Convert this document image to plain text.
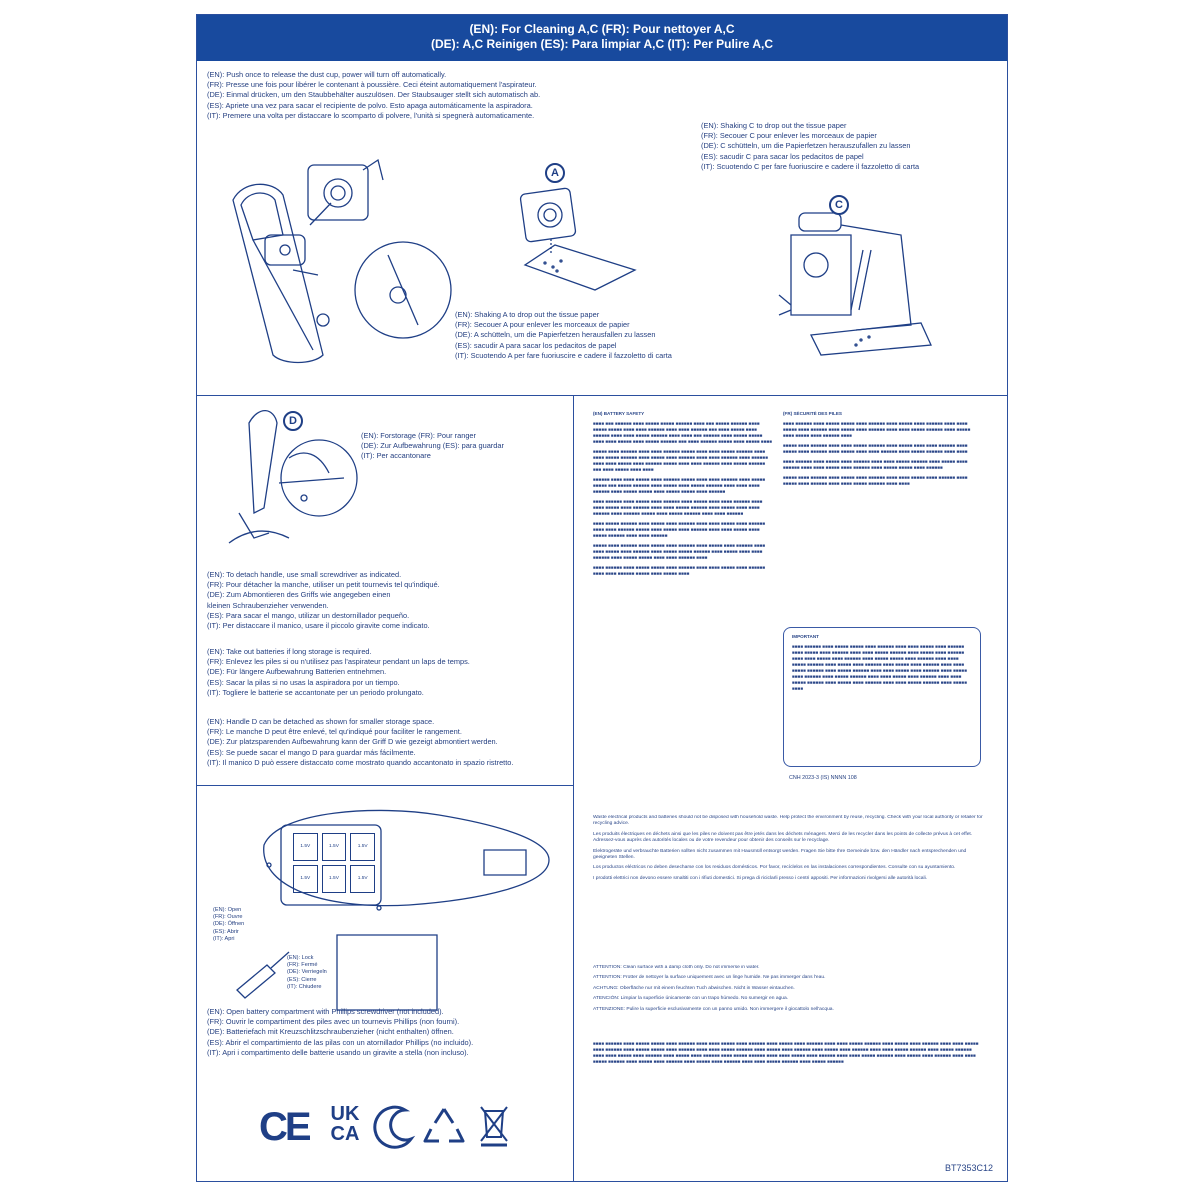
(EN): For Cleaning A,C (FR): Pour nettoyer A,C
(DE): A,C Reinigen (ES): Para limpiar A,C (IT): Per Pulire A,C
(EN): Push once to release the dust cup, power will turn off automatically.
(FR): Presse une fois pour libérer le contenant à poussière. Ceci éteint automatiquement l'aspirateur.
(DE): Einmal drücken, um den Staubbehälter auszulösen. Der Staubsauger stellt sich automatisch ab.
(ES): Apriete una vez para sacar el recipiente de polvo. Esto apaga automáticamente la aspiradora.
(IT): Premere una volta per distaccare lo scomparto di polvere, l'unità si spegnerà automaticamente.
(EN): Shaking C to drop out the tissue paper
(FR): Secouer C pour enlever les morceaux de papier
(DE): C schütteln, um die Papierfetzen herauszufallen zu lassen
(ES): sacudir C para sacar los pedacitos de papel
(IT): Scuotendo C per fare fuoriuscire e cadere il fazzoletto di carta
(EN): Shaking A to drop out the tissue paper
(FR): Secouer A pour enlever les morceaux de papier
(DE): A schütteln, um die Papierfetzen herausfallen zu lassen
(ES): sacudir A para sacar los pedacitos de papel
(IT): Scuotendo A per fare fuoriuscire e cadere il fazzoletto di carta
A
C
D
(EN): Forstorage (FR): Pour ranger
(DE): Zur Aufbewahrung (ES): para guardar
(IT): Per accantonare
(EN): To detach handle, use small screwdriver as indicated.
(FR): Pour détacher la manche, utiliser un petit tournevis tel qu'indiqué.
(DE): Zum Abmontieren des Griffs wie angegeben einen
kleinen Schraubenzieher verwenden.
(ES): Para sacar el mango, utilizar un destornillador pequeño.
(IT): Per distaccare il manico, usare il piccolo giravite come indicato.
(EN): Take out batteries if long storage is required.
(FR): Enlevez les piles si ou n'utilisez pas l'aspirateur pendant un laps de temps.
(DE): Für längere Aufbewahrung Batterien entnehmen.
(ES): Sacar la pilas si no usas la aspiradora por un tiempo.
(IT): Togliere le batterie se accantonate per un periodo prolungato.
(EN): Handle D can be detached as shown for smaller storage space.
(FR): Le manche D peut être enlevé, tel qu'indiqué pour faciliter le rangement.
(DE): Zur platzsparenden Aufbewahrung kann der Griff D wie gezeigt abmontiert werden.
(ES): Se puede sacar el mango D para guardar más fácilmente.
(IT): Il manico D può essere distaccato come mostrato quando accantonato in spazio ristretto.
1.5V	1.5V	1.5V
1.5V	1.5V	1.5V
(EN): Open
(FR): Ouvre
(DE): Öffnen
(ES): Abrir
(IT): Apri
(EN): Lock
(FR): Fermé
(DE): Verriegeln
(ES): Cierre
(IT): Chiudere
(EN): Open battery compartment with Phillips screwdriver (not included).
(FR): Ouvrir le compartiment des piles avec un tournevis Phillips (non fourni).
(DE): Batteriefach mit Kreuzschlitzschraubenzieher (nicht enthalten) öffnen.
(ES): Abrir el compartimiento de las pilas con un atornillador Phillips (no incluido).
(IT): Apri i compartimento delle batterie usando un giravite a stella (non incluso).
CE	UK CA

(EN) BATTERY SAFETY

■■■■ ■■■ ■■■■■■ ■■■■ ■■■■■ ■■■■■ ■■■■■■ ■■■■ ■■■ ■■■■■ ■■■■■■ ■■■■ ■■■■■ ■■■■■ ■■■■ ■■■■ ■■■■■■ ■■■■ ■■■■ ■■■■■■ ■■■ ■■■■ ■■■■■ ■■■■ ■■■■■■ ■■■■ ■■■■ ■■■■■ ■■■■■■ ■■■■ ■■■■ ■■■ ■■■■■■ ■■■■ ■■■■■ ■■■■■ ■■■■ ■■■■ ■■■■■ ■■■■ ■■■■■ ■■■■■■ ■■■ ■■■■ ■■■■■■ ■■■■■ ■■■■ ■■■■■ ■■■■

■■■■■ ■■■■ ■■■■■■ ■■■■ ■■■■ ■■■■■■ ■■■■■ ■■■■ ■■■■ ■■■■■ ■■■■■■ ■■■■ ■■■■ ■■■■■ ■■■■■■ ■■■■ ■■■■■ ■■■■ ■■■■■■ ■■■■ ■■■■ ■■■■■■ ■■■■ ■■■■■■ ■■■■ ■■■■ ■■■■■ ■■■■ ■■■■■■ ■■■■■ ■■■■ ■■■■ ■■■■■■ ■■■■ ■■■■■ ■■■■■■ ■■■ ■■■■ ■■■■■ ■■■■ ■■■■

■■■■■■ ■■■■ ■■■■ ■■■■■ ■■■■ ■■■■■■ ■■■■■ ■■■■ ■■■■ ■■■■■■ ■■■■ ■■■■■ ■■■■■ ■■■ ■■■■■ ■■■■■■ ■■■■ ■■■■■ ■■■■ ■■■■■ ■■■■■■ ■■■■ ■■■■ ■■■■ ■■■■■■ ■■■■ ■■■■■ ■■■■■ ■■■■ ■■■■■ ■■■■■ ■■■■ ■■■■■■

■■■■ ■■■■■■ ■■■■ ■■■■■ ■■■■ ■■■■■■ ■■■■ ■■■■■ ■■■■ ■■■■ ■■■■■■ ■■■■ ■■■■ ■■■■■ ■■■■ ■■■■■■ ■■■■ ■■■■ ■■■■■ ■■■■■■ ■■■■ ■■■■■ ■■■■ ■■■■ ■■■■■■ ■■■■ ■■■■■■ ■■■■■ ■■■■ ■■■■■ ■■■■■■ ■■■■ ■■■■ ■■■■■■

■■■■ ■■■■■ ■■■■■■ ■■■■ ■■■■■ ■■■■ ■■■■■■ ■■■■ ■■■■ ■■■■■ ■■■■ ■■■■■■ ■■■■ ■■■■ ■■■■■■ ■■■■■ ■■■■ ■■■■■ ■■■■ ■■■■■■ ■■■■ ■■■■ ■■■■■ ■■■■ ■■■■■ ■■■■■■ ■■■■ ■■■■ ■■■■■■

■■■■■ ■■■■ ■■■■■■ ■■■■ ■■■■■ ■■■■ ■■■■■■ ■■■■ ■■■■■ ■■■■ ■■■■■■ ■■■■ ■■■■ ■■■■■ ■■■■ ■■■■■■ ■■■■ ■■■■■ ■■■■■ ■■■■■■ ■■■■ ■■■■■ ■■■■ ■■■■ ■■■■■■ ■■■■ ■■■■■ ■■■■■ ■■■■ ■■■■ ■■■■■■ ■■■■

■■■■ ■■■■■■ ■■■■ ■■■■■ ■■■■■ ■■■■ ■■■■■■ ■■■■ ■■■■ ■■■■■ ■■■■ ■■■■■■ ■■■■ ■■■■ ■■■■■■ ■■■■■ ■■■■ ■■■■■ ■■■■

(FR) SÉCURITÉ DES PILES

■■■■ ■■■■■■ ■■■■ ■■■■■ ■■■■■ ■■■■ ■■■■■■ ■■■■ ■■■■■ ■■■■ ■■■■■■ ■■■■ ■■■■ ■■■■■ ■■■■ ■■■■■■ ■■■■ ■■■■■ ■■■■ ■■■■■■ ■■■■ ■■■■ ■■■■■ ■■■■■■ ■■■■ ■■■■■ ■■■■ ■■■■■ ■■■■ ■■■■■■ ■■■■

■■■■■ ■■■■ ■■■■■■ ■■■■ ■■■■ ■■■■■ ■■■■■■ ■■■■ ■■■■■ ■■■■ ■■■■ ■■■■■■ ■■■■ ■■■■■ ■■■■ ■■■■■■ ■■■■ ■■■■■ ■■■■ ■■■■ ■■■■■■ ■■■■ ■■■■■ ■■■■■■ ■■■■ ■■■■

■■■■ ■■■■■■ ■■■■ ■■■■■ ■■■■ ■■■■■■ ■■■■ ■■■■ ■■■■■ ■■■■■■ ■■■■ ■■■■■ ■■■■ ■■■■■■ ■■■■ ■■■■ ■■■■■ ■■■■ ■■■■■■ ■■■■ ■■■■■ ■■■■■ ■■■■ ■■■■■■

■■■■■ ■■■■ ■■■■■■ ■■■■ ■■■■■ ■■■■ ■■■■■■ ■■■■ ■■■■ ■■■■■ ■■■■ ■■■■■■ ■■■■ ■■■■■ ■■■■ ■■■■■■ ■■■■ ■■■■ ■■■■■ ■■■■■■ ■■■■ ■■■■

IMPORTANT

■■■■ ■■■■■■ ■■■■ ■■■■■ ■■■■■ ■■■■ ■■■■■■ ■■■■ ■■■■ ■■■■■ ■■■■ ■■■■■■ ■■■■ ■■■■■ ■■■■ ■■■■■■ ■■■■ ■■■■ ■■■■■ ■■■■■■ ■■■■ ■■■■■ ■■■■ ■■■■■■ ■■■■ ■■■■ ■■■■■ ■■■■ ■■■■■■ ■■■■ ■■■■■ ■■■■■ ■■■■ ■■■■■■ ■■■■ ■■■■ ■■■■■ ■■■■■■ ■■■■ ■■■■■ ■■■■ ■■■■■■ ■■■■ ■■■■■ ■■■■ ■■■■■■ ■■■■ ■■■■ ■■■■■ ■■■■■■ ■■■■ ■■■■■ ■■■■■■ ■■■■ ■■■■ ■■■■■ ■■■■ ■■■■■■ ■■■■ ■■■■■ ■■■■ ■■■■■■ ■■■■ ■■■■■ ■■■■■■ ■■■■ ■■■■ ■■■■■ ■■■■ ■■■■■■ ■■■■ ■■■■ ■■■■■ ■■■■■■ ■■■■ ■■■■■ ■■■■ ■■■■■■ ■■■■ ■■■■ ■■■■■ ■■■■■■ ■■■■ ■■■■■ ■■■■

CNH 2023-3 (IS) NNNN 108

Waste electrical products and batteries should not be disposed with household waste. Help protect the environment by reuse, recycling. Check with your local authority or retailer for recycling advice.

Les produits électriques en déchets ainsi que les piles ne doivent pas être jetés dans les déchets ménagers. Merci de les recycler dans les points de collecte prévus à cet effet. Adressez-vous auprès des autorités locales ou de votre revendeur pour obtenir des conseils sur le recyclage.

Elektrogeräte und verbrauchte Batterien sollten nicht zusammen mit Hausmüll entsorgt werden. Fragen Sie bitte Ihre Gemeinde bzw. den Händler nach entsprechenden und geeigneten Stellen.

Los productos eléctricos no deben desecharse con los residuos domésticos. Por favor, recíclelos en las instalaciones correspondientes. Consulte con su ayuntamiento.

I prodotti elettrici non devono essere smaltiti con i rifiuti domestici. Si prega di riciclarli presso i centri appositi. Per informazioni rivolgersi alle autorità locali.

ATTENTION: Clean surface with a damp cloth only. Do not immerse in water.

ATTENTION: Frotter de nettoyer la surface uniquement avec un linge humide. Ne pas immerger dans l'eau.

ACHTUNG: Oberfläche nur mit einem feuchten Tuch abwischen. Nicht in Wasser eintauchen.

ATENCIÓN: Limpiar la superficie únicamente con un trapo húmedo. No sumergir en agua.

ATTENZIONE: Pulire la superficie esclusivamente con un panno umido. Non immergere il giocattolo nell'acqua.

■■■■ ■■■■■■ ■■■■ ■■■■■ ■■■■■ ■■■■ ■■■■■■ ■■■■ ■■■■ ■■■■■ ■■■■ ■■■■■■ ■■■■ ■■■■■ ■■■■ ■■■■■■ ■■■■ ■■■■ ■■■■■ ■■■■■■ ■■■■ ■■■■■ ■■■■ ■■■■■■ ■■■■ ■■■■ ■■■■■ ■■■■ ■■■■■■ ■■■■ ■■■■■ ■■■■■ ■■■■ ■■■■■■ ■■■■ ■■■■ ■■■■■ ■■■■■■ ■■■■ ■■■■■ ■■■■ ■■■■■■ ■■■■ ■■■■■ ■■■■ ■■■■■■ ■■■■ ■■■■ ■■■■■ ■■■■■■ ■■■■ ■■■■■ ■■■■■■ ■■■■ ■■■■ ■■■■■ ■■■■ ■■■■■■ ■■■■ ■■■■■ ■■■■ ■■■■■■ ■■■■ ■■■■■ ■■■■■■ ■■■■ ■■■■ ■■■■■ ■■■■ ■■■■■■ ■■■■ ■■■■ ■■■■■ ■■■■■■ ■■■■ ■■■■■ ■■■■ ■■■■■■ ■■■■ ■■■■ ■■■■■ ■■■■■■ ■■■■ ■■■■■ ■■■■ ■■■■■■ ■■■■ ■■■■■ ■■■■ ■■■■■■ ■■■■ ■■■■ ■■■■■ ■■■■■■ ■■■■ ■■■■■ ■■■■■■

BT7353C12
